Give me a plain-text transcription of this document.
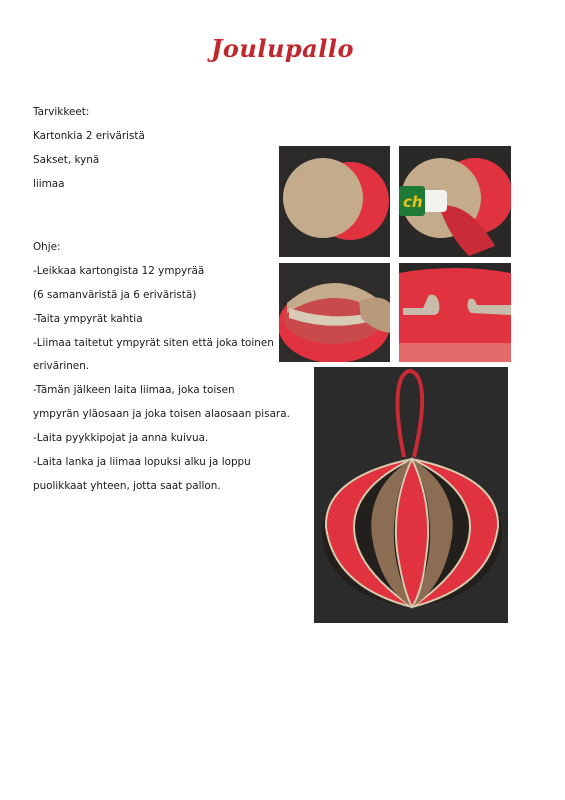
Joulupallo
Tarvikkeet:
Kartonkia 2 eriväristä
Sakset, kynä
liimaa
Ohje:
-Leikkaa kartongista 12 ympyrää
(6 samanväristä ja 6 eriväristä)
-Taita ympyrät kahtia
-Liimaa taitetut ympyrät siten että joka toinen
erivärinen.
-Tämän jälkeen laita liimaa, joka toisen
ympyrän yläosaan ja joka toisen alaosaan pisara.
-Laita pyykkipojat ja anna kuivua.
-Laita lanka ja liimaa lopuksi alku ja loppu
puolikkaat yhteen, jotta saat pallon.
ch
